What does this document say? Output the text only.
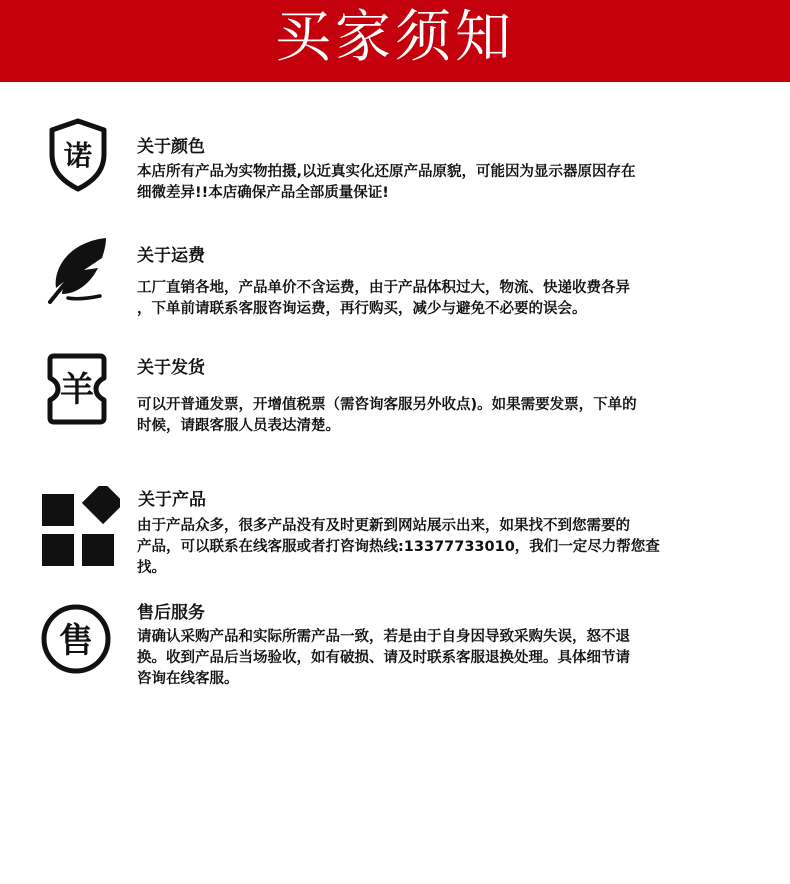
买家须知
诺	关于颜色
本店所有产品为实物拍摄,以近真实化还原产品原貌，可能因为显示器原因存在
细微差异!!本店确保产品全部质量保证!
关于运费
工厂直销各地，产品单价不含运费，由于产品体积过大，物流、快递收费各异
，下单前请联系客服咨询运费，再行购买，减少与避免不必要的误会。
羊
关于发货
可以开普通发票，开增值税票（需咨询客服另外收点)。如果需要发票，下单的
时候，请跟客服人员表达清楚。
关于产品
由于产品众多，很多产品没有及时更新到网站展示出来，如果找不到您需要的
产品，可以联系在线客服或者打咨询热线:13377733010，我们一定尽力帮您查
找。
售
售后服务
请确认采购产品和实际所需产品一致，若是由于自身因导致采购失误，怒不退
换。收到产品后当场验收，如有破损、请及时联系客服退换处理。具体细节请
咨询在线客服。
